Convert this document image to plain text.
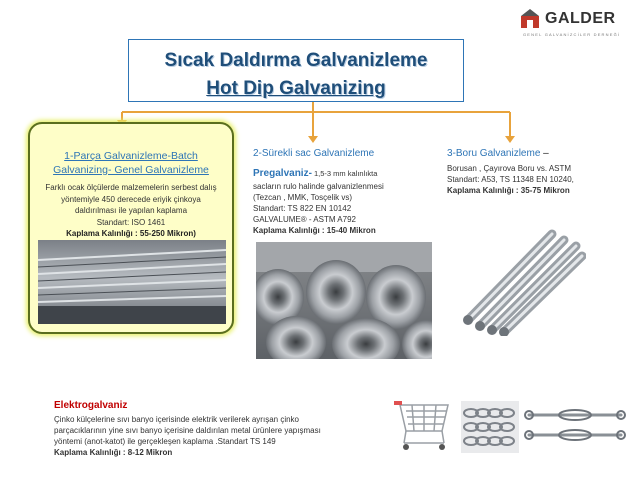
GALDER
GENEL GALVANİZCİLER DERNEĞİ
Sıcak Daldırma Galvanizleme
Hot Dip Galvanizing
1-Parça Galvanizleme-Batch
Galvanizing- Genel Galvanizleme
Farklı ocak ölçülerde malzemelerin serbest dalış
yöntemiyle 450 derecede eriyik çinkoya
daldırılması ile yapılan kaplama
Standart: ISO 1461
Kaplama Kalınlığı : 55-250 Mikron)
2-Sürekli sac Galvanizleme
Pregalvaniz- 1,5-3 mm kalınlıkta
sacların rulo halinde galvanizlenmesi
(Tezcan , MMK, Tosçelik vs)
Standart: TS 822 EN 10142
GALVALUME® - ASTM A792
Kaplama Kalınlığı : 15-40 Mikron
3-Boru Galvanizleme –
Borusan , Çayırova Boru vs. ASTM
Standart: A53, TS 11348 EN 10240,
Kaplama Kalınlığı : 35-75 Mikron
Elektrogalvaniz
Çinko külçelerine sıvı banyo içerisinde elektrik verilerek ayrışan çinko
parçacıklarının yine sıvı banyo içerisine daldırılan metal ürünlere yapışması
yöntemi (anot-katot) ile gerçekleşen kaplama .Standart TS 149
Kaplama Kalınlığı : 8-12 Mikron
